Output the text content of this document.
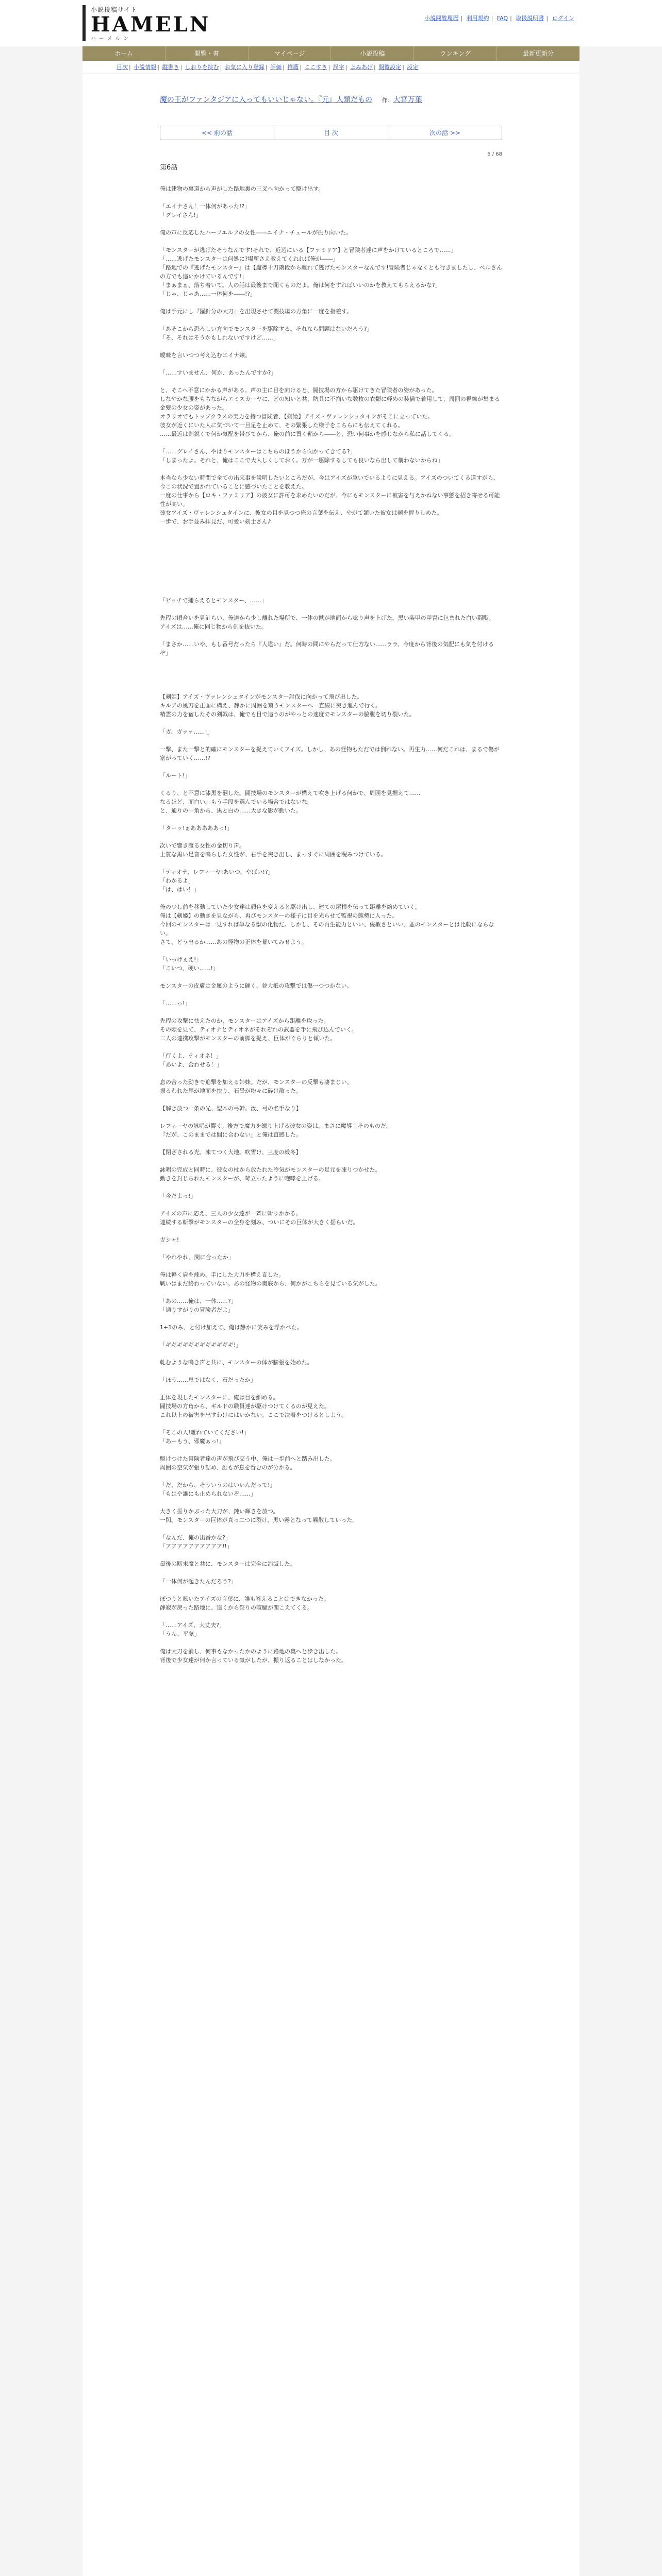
小説投稿サイト
HAMELN
ハーメルン
小説閲覧履歴 | 利用規約 | FAQ | 取扱説明書 | ログイン
ホーム	閲覧・書	マイページ	小説投稿	ランキング	最新更新分
目次 | 小説情報 | 縦書き | しおりを挟む | お気に入り登録 | 評価 | 推薦 | ここすき | 誤字 | よみあげ | 閲覧設定 | 設定
魔の王がファンタジアに入ってもいいじゃない。『元』人類だもの 作：大宮万葉
<< 前の話	目 次	次の話 >>
6 / 68
第6話

俺は建物の裏道から声がした路地裏の三叉へ向かって駆け出す。

「エイナさん！一体何があった!?」

「グレイさん!」

俺の声に反応したハーフエルフの女性――エイナ・チュールが振り向いた。

「モンスターが逃げたそうなんです!それで、近辺にいる【ファミリア】と冒険者達に声をかけているところで……」

「……逃げたモンスターは何処に?場所さえ教えてくれれば俺が――」

「路地での『逃げたモンスター』は【魔導十刀階段から離れて逃げたモンスターなんです!冒険者じゃなくとも行きましたし、ベルさんの方でも追いかけているんです!」

「まぁまぁ、落ち着いて。人の話は最後まで聞くものだよ。俺は何をすればいいのかを教えてもらえるかな?」

「じゃ、じゃあ……一体何を――!?」

俺は手元にし『羅針分の大刀』を出現させて闘技場の方角に一度を指差す。

「あそこから恐ろしい方向でモンスターを駆除する。それなら問題はないだろう?」

「そ、それはそうかもしれないですけど……」

曖昧を言いつつ考え込むエイナ嬢。

「……すいません、何か、あったんですか?」

と、そこへ不意にかかる声がある。声の主に目を向けると、闘技場の方から駆けてきた冒険者の姿があった。

しなやかな腰をもちながらエミスカーヤに、どの知いと共、防具に不揃いな数枚の衣類に軽めの装備で着用して、周囲の視線が集まる金髪の少女の姿があった。

オラリオでもトップクラスの実力を持つ冒険者、【剣姫】アイズ・ヴァレンシュタインがそこに立っていた。

彼女が近くにいた人に気づいて一旦足を止めて、その緊張した様子をこちらにも伝えてくれる。

……最近は剣鋭くで何か気配を帯びてから、俺の前に置く鞘から――と、恐い何事かを感じながら私に話してくる。

「……グレイさん、やはりモンスターはこちらのほうから向かってきてる?」

「しまったよ。それと、俺はここで大人しくしておく。万が一駆除するしても良いなら出して構わないからね」

本当なら少ない時間で全ての出来事を説明したいところだが、今はアイズが急いでいるように見える。アイズのついてくる道すがら、今この状況で置かれていることに感づいたことを教えた。

一度の仕事から【ロキ・ファミリア】の彼女に許可を求めたいのだが、今にもモンスターに被害を与えかねない事態を招き寄せる可能性が高い。

彼女アイズ・ヴァレンシュタインに、彼女の目を見つつ俺の言葉を伝え、やがて頷いた彼女は剣を握りしめた。

一歩で、お手並み拝見だ、可愛い剣士さん♪

「ビッチで捕らえるとモンスター、……」

先程の頃合いを見計らい、俺達から少し離れた場所で、一体の獣が地面から唸り声を上げた。黒い装甲の甲冑に包まれた白い闘獣。

アイズは……俺に同じ物から剣を抜いた。

「まさか……いや、もし番号だったら『人違い』だ。何時の間にやらだって仕方ない……ララ、今度から背後の気配にも気を付けるぞ」

【剣姫】アイズ・ヴァレンシュタインがモンスター討伐に向かって飛び出した。

キルアの風刀を正面に構え、静かに周囲を窺うモンスターへ一直線に突き進んで行く。

精霊の力を宿したその剣戟は、俺でも目で追うのがやっとの速度でモンスターの脇腹を切り裂いた。

「ガ、ガァァ……!」

一撃、また一撃と的確にモンスターを捉えていくアイズ。しかし、あの怪物もただでは倒れない。再生力……何だこれは、まるで傷が塞がっていく……!?

「ルート!」

くるり、と不意に漆黒を翻した。闘技場のモンスターが構えて吹き上げる何かで、周囲を見据えて……

なるほど、面白い。もう手段を選んでいる場合ではないな。

と、通りの一角から、黒と白の……大きな影が動いた。

「ターッ!ぁあああああっ!」

次いで響き渡る女性の金切り声。

上質な黒い足音を鳴らした女性が、右手を突き出し、まっすぐに周囲を睨みつけている。

「ティオナ、レフィーヤ!あいつ、やばい!?」

「わかるよ」

「は、はい！」

俺の少し前を移動していた少女達は顔色を変えると駆け出し、建ての屋根を伝って距離を縮めていく。

俺は【剣姫】の動きを見ながら、再びモンスターの様子に目を光らせて監視の態勢に入った。

今回のモンスターは一見すれば単なる獣の化物だ。しかし、その再生能力といい、俊敏さといい、並のモンスターとは比較にならない。

さて、どう出るか……あの怪物の正体を暴いてみせよう。

「いっけぇえ!」

「こいつ、硬い……!」

モンスターの皮膚は金属のように硬く、並大抵の攻撃では傷一つつかない。

「……っ!」

先程の攻撃に怯えたのか、モンスターはアイズから距離を取った。

その隙を見て、ティオナとティオネがそれぞれの武器を手に飛び込んでいく。

二人の連携攻撃がモンスターの前脚を捉え、巨体がぐらりと傾いた。

「行くよ、ティオネ！」

「あいよ、合わせる！」

息の合った動きで追撃を加える姉妹。だが、モンスターの反撃も凄まじい。

振るわれた尾が地面を抉り、石畳が粉々に砕け散った。

【解き放つ一条の光、聖木の弓幹。汝、弓の名手なり】

レフィーヤの詠唱が響く。後方で魔力を練り上げる彼女の姿は、まさに魔導士そのものだ。

『だが、このままでは間に合わない』と俺は直感した。

【閉ざされる光、凍てつく大地。吹雪け、三度の厳冬】

詠唱の完成と同時に、彼女の杖から放たれた冷気がモンスターの足元を凍りつかせた。

動きを封じられたモンスターが、苛立ったように咆哮を上げる。

「今だよっ!」

アイズの声に応え、三人の少女達が一斉に斬りかかる。

連続する斬撃がモンスターの全身を刻み、ついにその巨体が大きく揺らいだ。

ガシャ!

「やれやれ、間に合ったか」

俺は軽く肩を竦め、手にした大刀を構え直した。

戦いはまだ終わっていない。あの怪物の奥底から、何かがこちらを見ている気がした。

「あの……俺は、一体……?」

「通りすがりの冒険者だよ」

1+1のみ、と付け加えて、俺は静かに笑みを浮かべた。

「ギギギギギギギギギギギギ!」

軋むような鳴き声と共に、モンスターの体が膨張を始めた。

「ほう……息ではなく、石だったか」

正体を現したモンスターに、俺は目を細める。

闘技場の方角から、ギルドの職員達が駆けつけてくるのが見えた。

これ以上の被害を出すわけにはいかない。ここで決着をつけるとしよう。

「そこの人!離れていてください!」

「あーもう、邪魔ぁっ!」

駆けつけた冒険者達の声が飛び交う中、俺は一歩前へと踏み出した。

周囲の空気が張り詰め、誰もが息を呑むのが分かる。

「だ、だから、そういうのはいいんだって!」

「もはや誰にも止められないぞ……」

大きく振りかぶった大刀が、鈍い輝きを放つ。

一閃。モンスターの巨体が真っ二つに裂け、黒い霧となって霧散していった。

「なんだ、俺の出番かな?」

「アアアアアアアアアア!!」

最後の断末魔と共に、モンスターは完全に消滅した。

「一体何が起きたんだろう?」

ぽつりと呟いたアイズの言葉に、誰も答えることはできなかった。

静寂が戻った路地に、遠くから祭りの喧騒が聞こえてくる。

「……アイズ、大丈夫?」

「うん、平気」

俺は大刀を消し、何事もなかったかのように路地の奥へと歩き出した。

背後で少女達が何か言っている気がしたが、振り返ることはしなかった。
